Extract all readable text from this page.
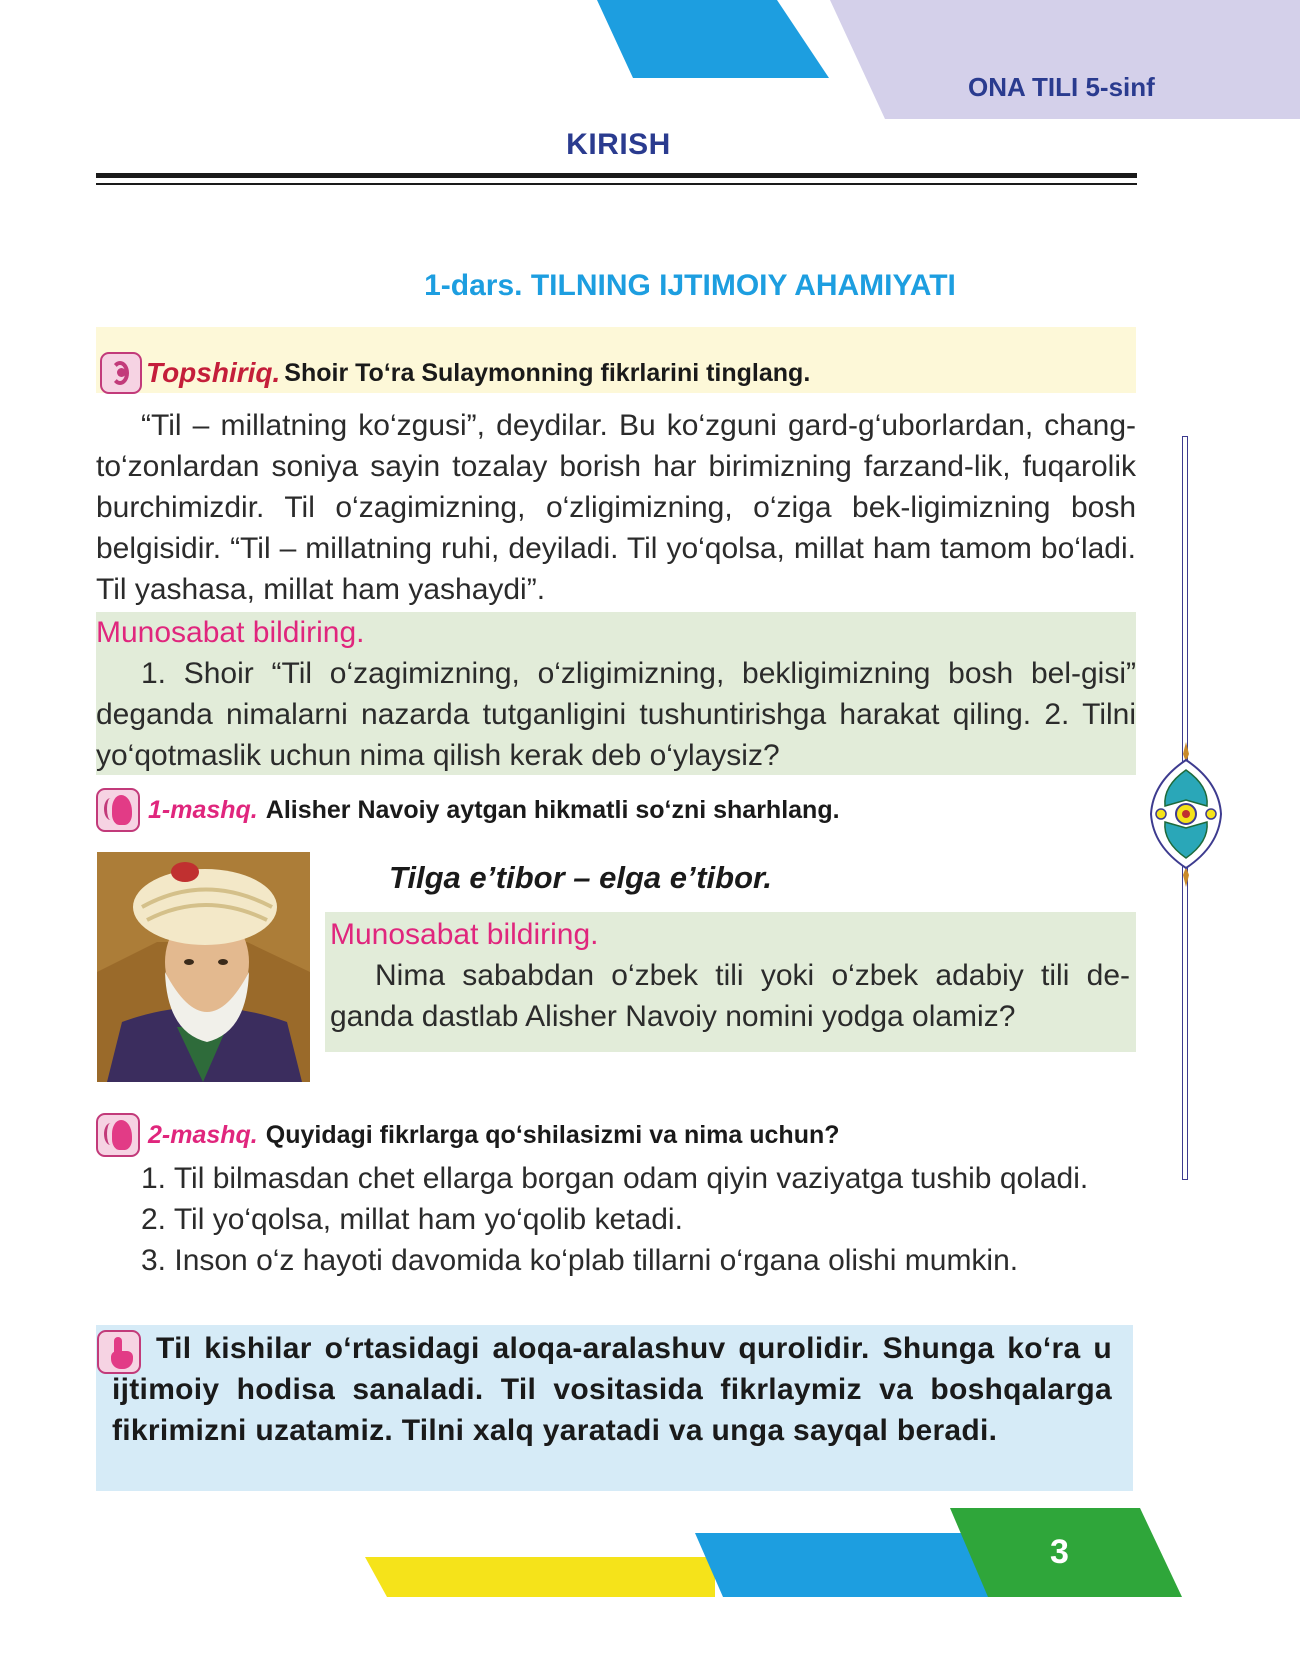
ONA TILI 5-sinf
KIRISH
1-dars. TILNING IJTIMOIY AHAMIYATI
Topshiriq. Shoir To‘ra Sulaymonning fikrlarini tinglang.
“Til – millatning ko‘zgusi”, deydilar. Bu ko‘zguni gard-g‘uborlardan, chang-to‘zonlardan soniya sayin tozalay borish har birimizning farzand-lik, fuqarolik burchimizdir. Til o‘zagimizning, o‘zligimizning, o‘ziga bek-ligimizning bosh belgisidir. “Til – millatning ruhi, deyiladi. Til yo‘qolsa, millat ham tamom bo‘ladi. Til yashasa, millat ham yashaydi”.

Munosabat bildiring.

1. Shoir “Til o‘zagimizning, o‘zligimizning, bekligimizning bosh bel-gisi” deganda nimalarni nazarda tutganligini tushuntirishga harakat qiling. 2. Tilni yo‘qotmaslik uchun nima qilish kerak deb o‘ylaysiz?

1-mashq. Alisher Navoiy aytgan hikmatli so‘zni sharhlang.
Tilga e’tibor – elga e’tibor.

Munosabat bildiring.

Nima sababdan o‘zbek tili yoki o‘zbek adabiy tili de-ganda dastlab Alisher Navoiy nomini yodga olamiz?

2-mashq. Quyidagi fikrlarga qo‘shilasizmi va nima uchun?

1. Til bilmasdan chet ellarga borgan odam qiyin vaziyatga tushib qoladi.

2. Til yo‘qolsa, millat ham yo‘qolib ketadi.

3. Inson o‘z hayoti davomida ko‘plab tillarni o‘rgana olishi mumkin.

Til kishilar o‘rtasidagi aloqa-aralashuv qurolidir. Shunga ko‘ra u ijtimoiy hodisa sanaladi. Til vositasida fikrlaymiz va boshqalarga fikrimizni uzatamiz. Tilni xalq yaratadi va unga sayqal beradi.
3
